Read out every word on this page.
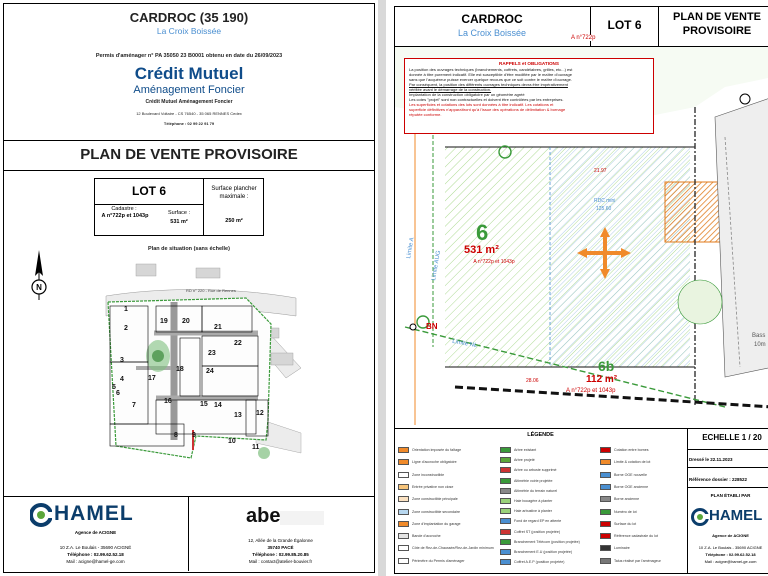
CARDROC (35 190)
La Croix Boissée
Permis d'aménager n° PA 35050 23 B0001 obtenu en date du 26/09/2023
Crédit Mutuel
Aménagement Foncier
Crédit Mutuel Aménagement Foncier
12 Boulevard Voltaire - CS 76540 - 35 065 RENNES Cedex
Téléphone : 02 99 22 91 79
PLAN DE VENTE PROVISOIRE
LOT 6
Cadastre :
A n°722p et 1043p	Surface :
531 m²
Surface plancher maximale :
250 m²
Plan de situation (sans échelle)
N	RD n° 220 - Rue de Rennes
1
2
3
4
5
6
7
8 9
10
11
12
13
14
15
16
17
18
19 20
21
22
23
24
HAMEL
Agence de ACIGNE
10 Z.A. Le Boulais - 35690 ACIGNÉ
Téléphone : 02.99.62.52.18
Mail : acigne@hamel-ge.com
abe
12, Allée de la Grande Égalonne
35740 PACÉ
Téléphone : 02.99.85.20.85
Mail : contact@atelier-bouvier.fr
CARDROC
La Croix Boissée
LOT 6
PLAN DE VENTE PROVISOIRE
RAPPELS et OBLIGATIONS
La position des ouvrages techniques (branchements, coffrets, candélabres, grilles, etc...) est
donnée à titre purement indicatif. Elle est susceptible d'être modifiée par le maître d'ouvrage
sans que l'acquéreur puisse exercer quelque recours que ce soit contre le maître d'ouvrage.
Par conséquent, la position des différents ouvrages techniques devra être impérativement
vérifiée avant le démarrage de la construction.
Implantation de la construction obligatoire par un géomètre agréé
Les cotes "projet" sont non contractuelles et doivent être contrôlées par les entreprises.
Les superficies et cotations des lots sont données à titre indicatif. Les cotations et
superficie définitives n'apparaîtront qu'à l'issue des opérations de délimitation & bornage
réputée conforme.
6
531 m²
A n°722p et 1043p
A n°722p
RDC mini
125.60
21.97
28.06
Limite A
Limite AUG
Limite NL
BN
6b
112 m²
A n°722p et 1043p
Bass
10m
LÉGENDE
Orientation imposée du faîtage
Ligne d'accroche obligatoire
Zone inconstructible
Entrée privative non close
Zone constructible principale
Zone constructible secondaire
Zone d'implantation du garage
Bande d'accroche
Côte de Rez-de-Chaussée/Rez-de-Jardin minimum
Périmètre du Permis d'aménager
Arbre existant
Arbre projeté
Arbre ou arbuste supprimé
Altimétrie voirie projetée
Altimétrie du terrain naturel
Haie bocagère à planter
Haie arbustive à planter
Fond de regard EP en attente
Coffret ST (position projetée)
Branchement Télécom (position projetée)
Branchement E.U (position projetée)
Coffret A.E.P (position projetée)
Cotation entre bornes
Limite & cotation de lot
Borne OGE nouvelle
Borne OGE ancienne
Borne ancienne
Numéro de lot
Surface du lot
Référence cadastrale du lot
Luminaire
Talus réalisé par l'aménageur
ECHELLE 1 / 20
Dressé le 22.11.2023
Référence dossier : 228522
PLAN ÉTABLI PAR
HAMEL
Agence de ACIGNE
10 Z.A. Le Boulais - 35690 ACIGNE
Téléphone : 02.99.62.52.18
Mail : acigne@hamel-ge.com
